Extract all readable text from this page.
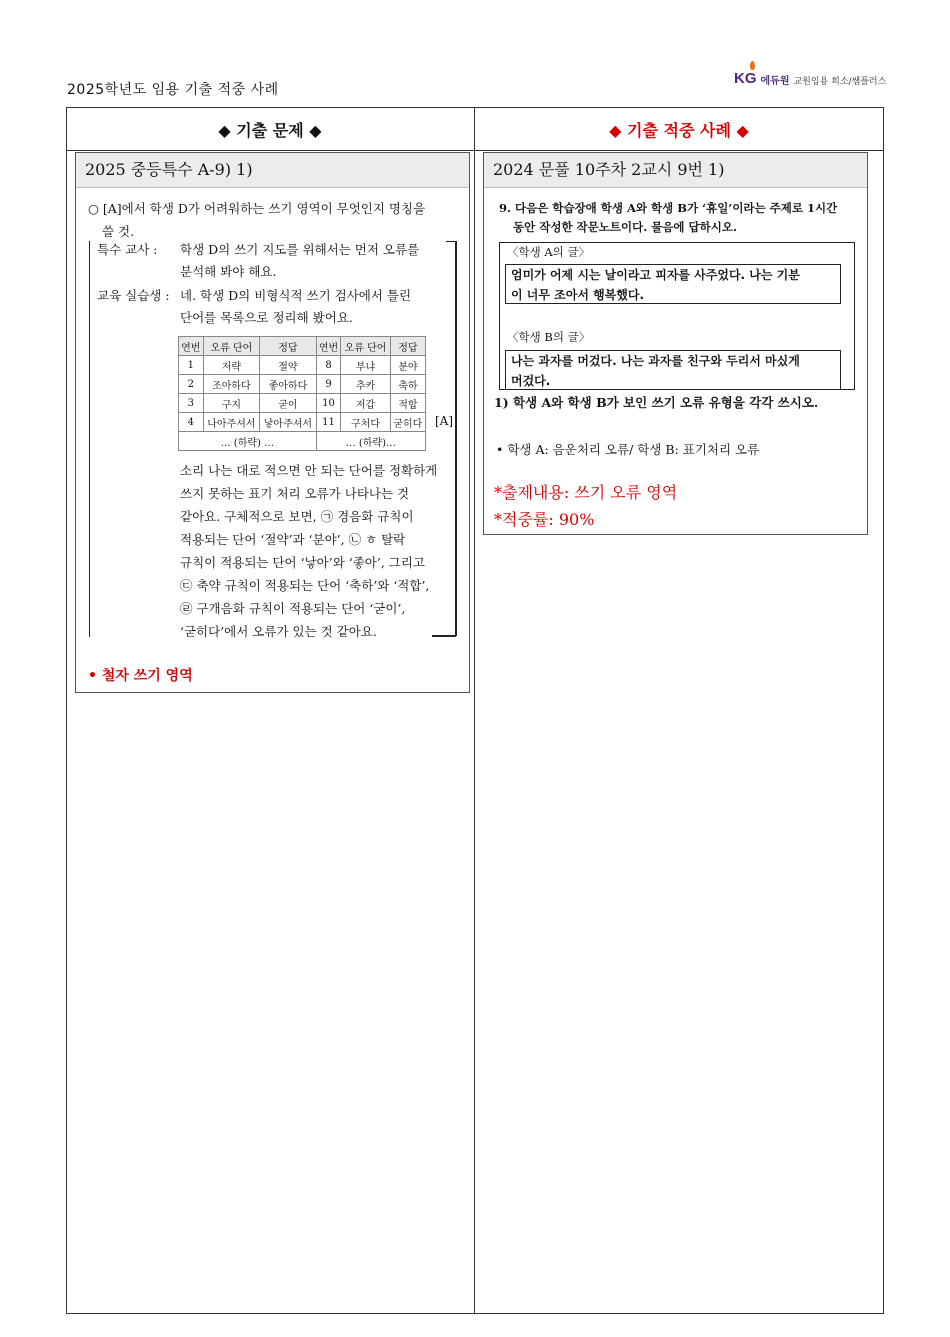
2025학년도 임용 기출 적중 사례
KG 에듀원 교원임용 희소/쌤플러스
◆ 기출 문제 ◆	◆ 기출 적중 사례 ◆
2025 중등특수 A-9) 1)
○ [A]에서 학생 D가 어려워하는 쓰기 영역이 무엇인지 명칭을
쓸 것.
특수 교사 : 학생 D의 쓰기 지도를 위해서는 먼저 오류를
분석해 봐야 해요.
교육 실습생 : 네. 학생 D의 비형식적 쓰기 검사에서 틀린
단어를 목록으로 정리해 봤어요.
연번	오류 단어	정답	연번	오류 단어	정답
1	저략	절약	8	부냐	분야
2	조아하다	좋아하다	9	추카	축하
3	구지	굳이	10	저갑	적합
4	나아주셔서	낳아주셔서	11	구처다	굳히다
… (하략) …			… (하략)…		
소리 나는 대로 적으면 안 되는 단어를 정확하게
쓰지 못하는 표기 처리 오류가 나타나는 것
같아요. 구체적으로 보면, ㉠ 경음화 규칙이
적용되는 단어 ‘절약’과 ‘분야’, ㉡ ㅎ 탈락
규칙이 적용되는 단어 ‘낳아’와 ‘좋아’, 그리고
㉢ 축약 규칙이 적용되는 단어 ‘축하’와 ‘적합’,
㉣ 구개음화 규칙이 적용되는 단어 ‘굳이’,
‘굳히다’에서 오류가 있는 것 같아요.
[A]
• 철자 쓰기 영역
2024 문풀 10주차 2교시 9번 1)
9. 다음은 학습장애 학생 A와 학생 B가 ‘휴일’이라는 주제로 1시간
동안 작성한 작문노트이다. 물음에 답하시오.
〈학생 A의 글〉
엄미가 어제 시는 날이라고 피자를 사주었다. 나는 기분
이 너무 조아서 행복했다.
〈학생 B의 글〉
나는 과자를 머겄다. 나는 과자를 친구와 두리서 마싰게
머겄다.
1) 학생 A와 학생 B가 보인 쓰기 오류 유형을 각각 쓰시오.
• 학생 A: 음운처리 오류/ 학생 B: 표기처리 오류
*출제내용: 쓰기 오류 영역
*적중률: 90%
